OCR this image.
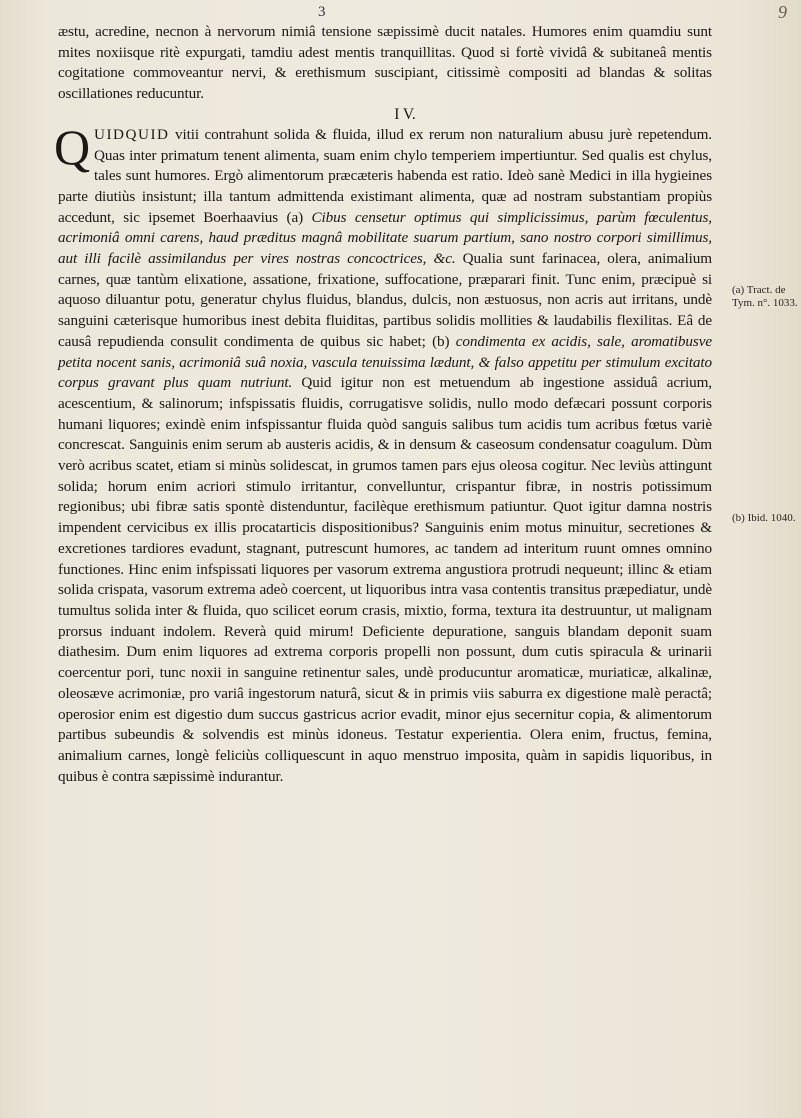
3	9

æstu, acredine, necnon à nervorum nimiâ tensione sæpissimè ducit natales. Humores enim quamdiu sunt mites noxiisque ritè expurgati, tamdiu adest mentis tranquillitas. Quod si fortè vividâ & subitaneâ mentis cogitatione commoveantur nervi, & erethismum suscipiant, citissimè compositi ad blandas & solitas oscillationes reducuntur.

I V.

QUIDQUID vitii contrahunt solida & fluida, illud ex rerum non naturalium abusu jurè repetendum. Quas inter primatum tenent alimenta, suam enim chylo temperiem impertiuntur. Sed qualis est chylus, tales sunt humores. Ergò alimentorum præcæteris habenda est ratio. Ideò sanè Medici in illa hygieines parte diutiùs insistunt; illa tantum admittenda existimant alimenta, quæ ad nostram substantiam propiùs accedunt, sic ipsemet Boerhaavius (a) Cibus censetur optimus qui simplicissimus, parùm fœculentus, acrimoniâ omni carens, haud præditus magnâ mobilitate suarum partium, sano nostro corpori simillimus, aut illi facilè assimilandus per vires nostras concoctrices, &c. Qualia sunt farinacea, olera, animalium carnes, quæ tantùm elixatione, assatione, frixatione, suffocatione, præparari finit. Tunc enim, præcipuè si aquoso diluantur potu, generatur chylus fluidus, blandus, dulcis, non æstuosus, non acris aut irritans, undè sanguini cæterisque humoribus inest debita fluiditas, partibus solidis mollities & laudabilis flexilitas. Eâ de causâ repudienda consulit condimenta de quibus sic habet; (b) condimenta ex acidis, sale, aromatibusve petita nocent sanis, acrimoniâ suâ noxia, vascula tenuissima lædunt, & falso appetitu per stimulum excitato corpus gravant plus quam nutriunt. Quid igitur non est metuendum ab ingestione assiduâ acrium, acescentium, & salinorum; infspissatis fluidis, corrugatisve solidis, nullo modo defæcari possunt corporis humani liquores; exindè enim infspissantur fluida quòd sanguis salibus tum acidis tum acribus fœtus variè concrescat. Sanguinis enim serum ab austeris acidis, & in densum & caseosum condensatur coagulum. Dùm verò acribus scatet, etiam si minùs solidescat, in grumos tamen pars ejus oleosa cogitur. Nec leviùs attingunt solida; horum enim acriori stimulo irritantur, convelluntur, crispantur fibræ, in nostris potissimum regionibus; ubi fibræ satis spontè distenduntur, facilèque erethismum patiuntur. Quot igitur damna nostris impendent cervicibus ex illis procatarticis dispositionibus? Sanguinis enim motus minuitur, secretiones & excretiones tardiores evadunt, stagnant, putrescunt humores, ac tandem ad interitum ruunt omnes omnino functiones. Hinc enim infspissati liquores per vasorum extrema angustiora protrudi nequeunt; illinc & etiam solida crispata, vasorum extrema adeò coercent, ut liquoribus intra vasa contentis transitus præpediatur, undè tumultus solida inter & fluida, quo scilicet eorum crasis, mixtio, forma, textura ita destruuntur, ut malignam prorsus induant indolem. Reverà quid mirum! Deficiente depuratione, sanguis blandam deponit suam diathesim. Dum enim liquores ad extrema corporis propelli non possunt, dum cutis spiracula & urinarii coercentur pori, tunc noxii in sanguine retinentur sales, undè producuntur aromaticæ, muriaticæ, alkalinæ, oleosæve acrimoniæ, pro variâ ingestorum naturâ, sicut & in primis viis saburra ex digestione malè peractâ; operosior enim est digestio dum succus gastricus acrior evadit, minor ejus secernitur copia, & alimentorum partibus subeundis & solvendis est minùs idoneus. Testatur experientia. Olera enim, fructus, femina, animalium carnes, longè feliciùs colliquescunt in aquo menstruo imposita, quàm in sapidis liquoribus, in quibus è contra sæpissimè indurantur.

(a) Tract. de Tym. n°. 1033.
(b) Ibid. 1040.
